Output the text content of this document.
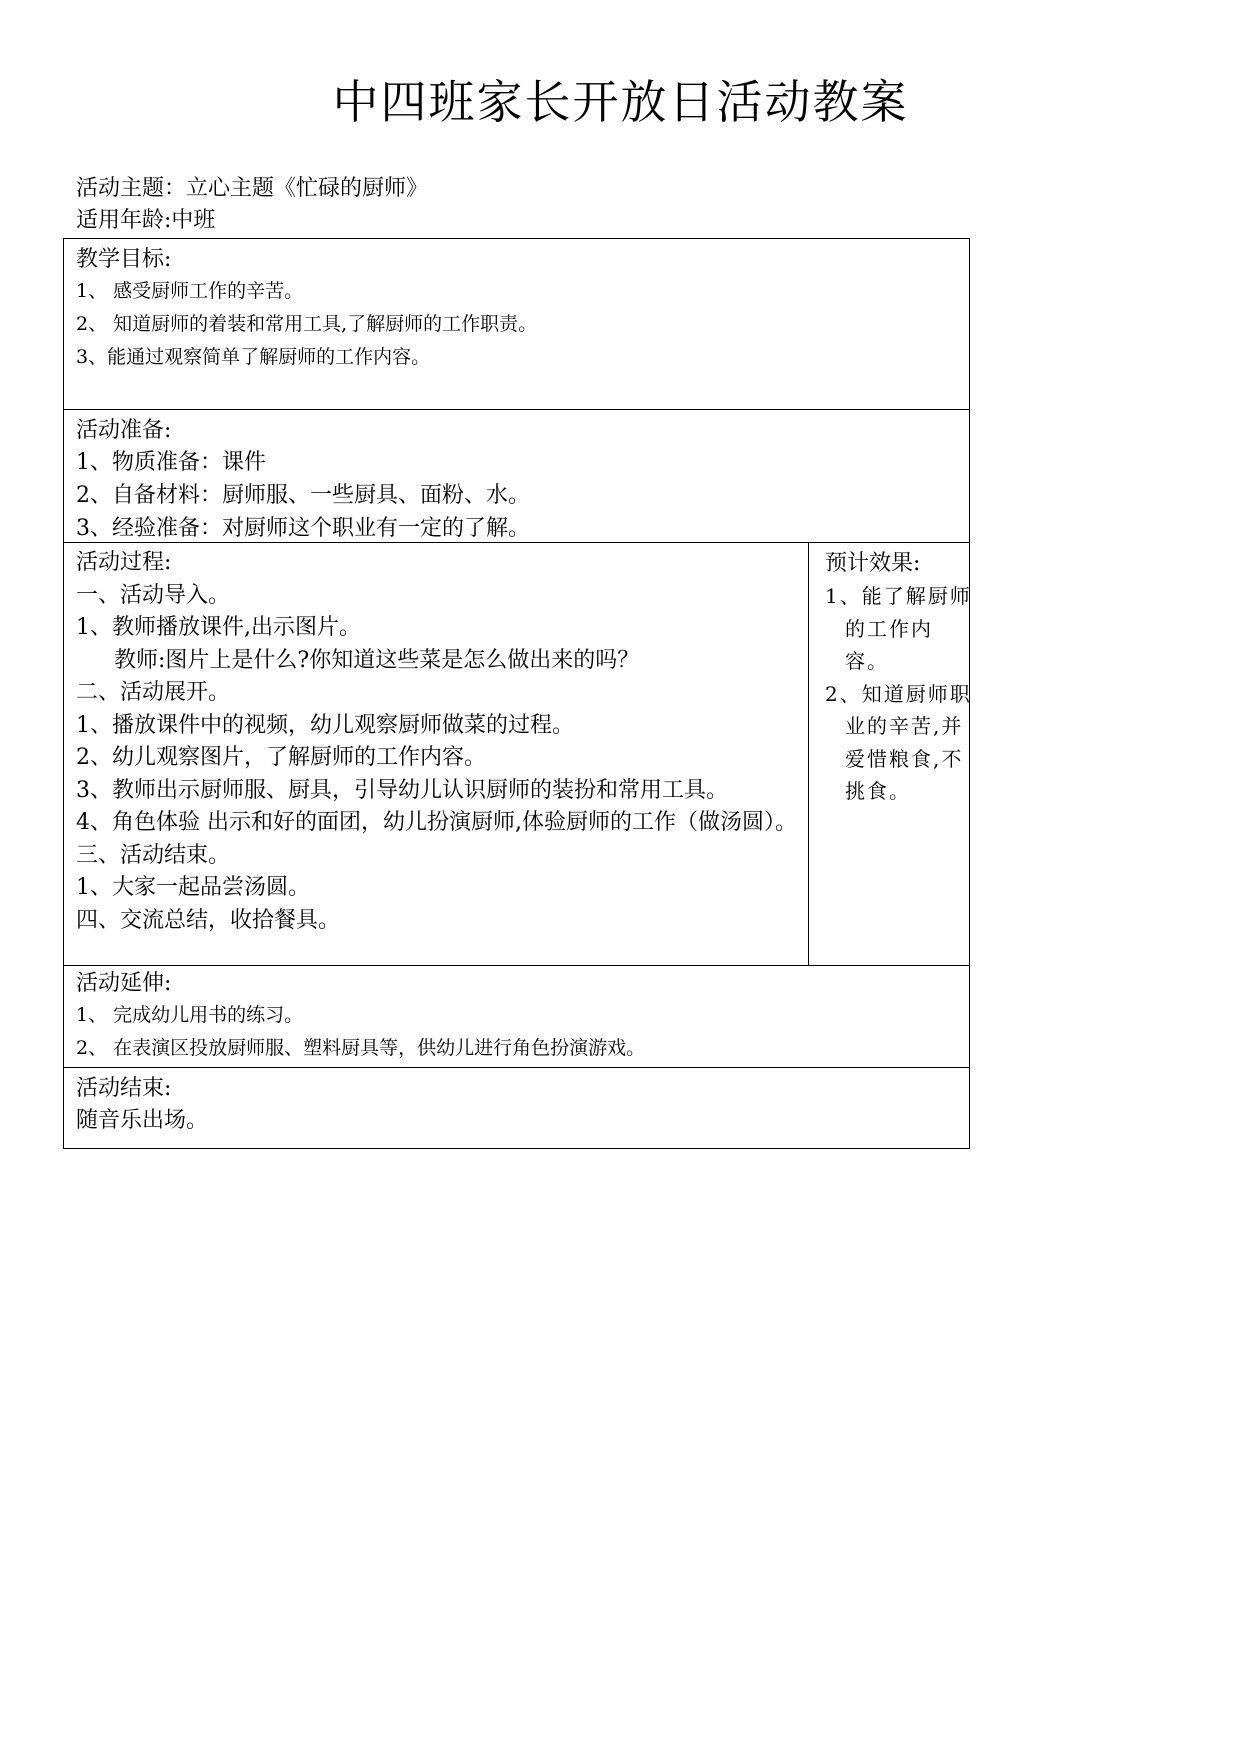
中四班家长开放日活动教案
活动主题：立心主题《忙碌的厨师》
适用年龄:中班
教学目标:
1、 感受厨师工作的辛苦。
2、 知道厨师的着装和常用工具,了解厨师的工作职责。
3、能通过观察简单了解厨师的工作内容。
活动准备:
1、物质准备：课件
2、自备材料：厨师服、一些厨具、面粉、水。
3、经验准备：对厨师这个职业有一定的了解。
活动过程:
一、活动导入。
1、教师播放课件,出示图片。
教师:图片上是什么?你知道这些菜是怎么做出来的吗？
二、活动展开。
1、播放课件中的视频，幼儿观察厨师做菜的过程。
2、幼儿观察图片，了解厨师的工作内容。
3、教师出示厨师服、厨具，引导幼儿认识厨师的装扮和常用工具。
4、角色体验 出示和好的面团，幼儿扮演厨师,体验厨师的工作（做汤圆）。
三、活动结束。
1、大家一起品尝汤圆。
四、交流总结，收拾餐具。
预计效果:
1、能了解厨师的工作内容。
2、知道厨师职业的辛苦,并爱惜粮食,不挑食。
活动延伸:
1、 完成幼儿用书的练习。
2、 在表演区投放厨师服、塑料厨具等，供幼儿进行角色扮演游戏。
活动结束:
随音乐出场。
